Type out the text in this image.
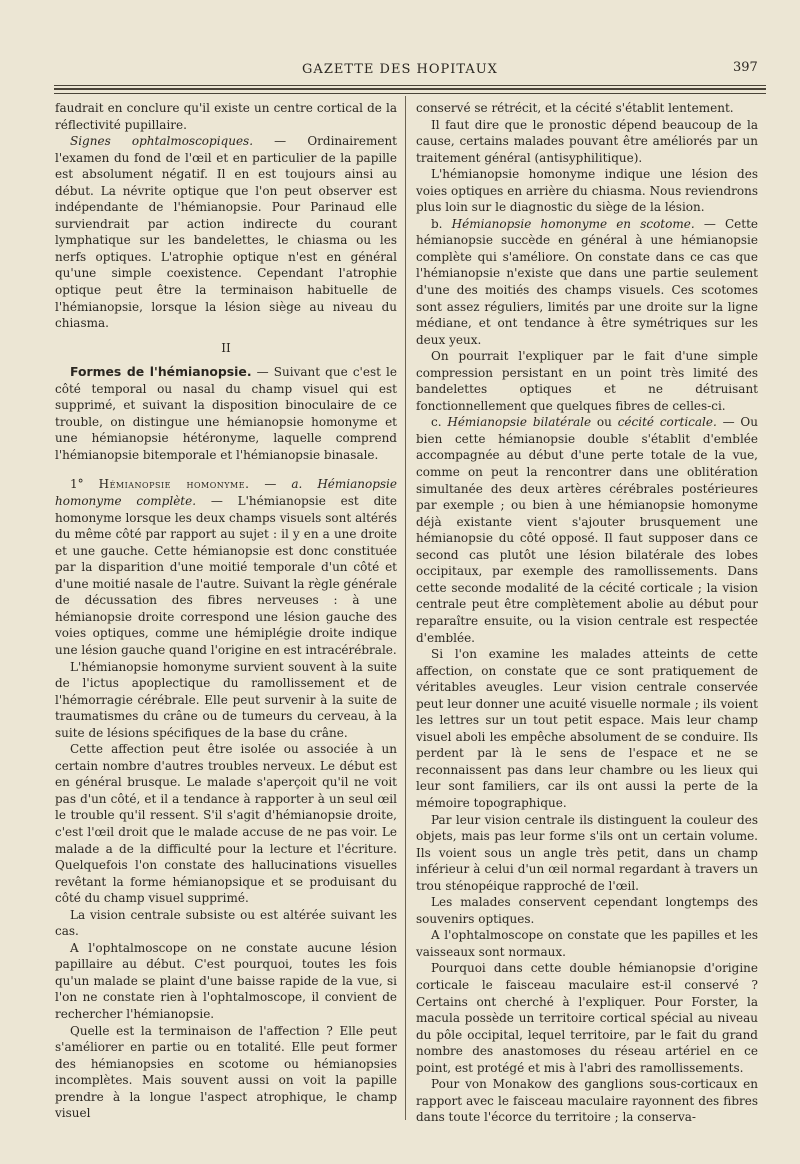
GAZETTE DES HOPITAUX	397

faudrait en conclure qu'il existe un centre cortical de la réflectivité pupillaire.

Signes ophtalmoscopiques. — Ordinairement l'examen du fond de l'œil et en particulier de la papille est absolument négatif. Il en est toujours ainsi au début. La névrite optique que l'on peut observer est indépendante de l'hémianopsie. Pour Parinaud elle surviendrait par action indirecte du courant lymphatique sur les bandelettes, le chiasma ou les nerfs optiques. L'atrophie optique n'est en général qu'une simple coexistence. Cependant l'atrophie optique peut être la terminaison habituelle de l'hémianopsie, lorsque la lésion siège au niveau du chiasma.

II

Formes de l'hémianopsie. — Suivant que c'est le côté temporal ou nasal du champ visuel qui est supprimé, et suivant la disposition binoculaire de ce trouble, on distingue une hémianopsie homonyme et une hémianopsie hétéronyme, laquelle comprend l'hémianopsie bitemporale et l'hémianopsie binasale.

1° Hémianopsie homonyme. — a. Hémianopsie homonyme complète. — L'hémianopsie est dite homonyme lorsque les deux champs visuels sont altérés du même côté par rapport au sujet : il y en a une droite et une gauche. Cette hémianopsie est donc constituée par la disparition d'une moitié temporale d'un côté et d'une moitié nasale de l'autre. Suivant la règle générale de décussation des fibres nerveuses : à une hémianopsie droite correspond une lésion gauche des voies optiques, comme une hémiplégie droite indique une lésion gauche quand l'origine en est intracérébrale.

L'hémianopsie homonyme survient souvent à la suite de l'ictus apoplectique du ramollissement et de l'hémorragie cérébrale. Elle peut survenir à la suite de traumatismes du crâne ou de tumeurs du cerveau, à la suite de lésions spécifiques de la base du crâne.

Cette affection peut être isolée ou associée à un certain nombre d'autres troubles nerveux. Le début est en général brusque. Le malade s'aperçoit qu'il ne voit pas d'un côté, et il a tendance à rapporter à un seul œil le trouble qu'il ressent. S'il s'agit d'hémianopsie droite, c'est l'œil droit que le malade accuse de ne pas voir. Le malade a de la difficulté pour la lecture et l'écriture. Quelquefois l'on constate des hallucinations visuelles revêtant la forme hémianopsique et se produisant du côté du champ visuel supprimé.

La vision centrale subsiste ou est altérée suivant les cas.

A l'ophtalmoscope on ne constate aucune lésion papillaire au début. C'est pourquoi, toutes les fois qu'un malade se plaint d'une baisse rapide de la vue, si l'on ne constate rien à l'ophtalmoscope, il convient de rechercher l'hémianopsie.

Quelle est la terminaison de l'affection ? Elle peut s'améliorer en partie ou en totalité. Elle peut former des hémianopsies en scotome ou hémianopsies incomplètes. Mais souvent aussi on voit la papille prendre à la longue l'aspect atrophique, le champ visuel

conservé se rétrécit, et la cécité s'établit lentement.

Il faut dire que le pronostic dépend beaucoup de la cause, certains malades pouvant être améliorés par un traitement général (antisyphilitique).

L'hémianopsie homonyme indique une lésion des voies optiques en arrière du chiasma. Nous reviendrons plus loin sur le diagnostic du siège de la lésion.

b. Hémianopsie homonyme en scotome. — Cette hémianopsie succède en général à une hémianopsie complète qui s'améliore. On constate dans ce cas que l'hémianopsie n'existe que dans une partie seulement d'une des moitiés des champs visuels. Ces scotomes sont assez réguliers, limités par une droite sur la ligne médiane, et ont tendance à être symétriques sur les deux yeux.

On pourrait l'expliquer par le fait d'une simple compression persistant en un point très limité des bandelettes optiques et ne détruisant fonctionnellement que quelques fibres de celles-ci.

c. Hémianopsie bilatérale ou cécité corticale. — Ou bien cette hémianopsie double s'établit d'emblée accompagnée au début d'une perte totale de la vue, comme on peut la rencontrer dans une oblitération simultanée des deux artères cérébrales postérieures par exemple ; ou bien à une hémianopsie homonyme déjà existante vient s'ajouter brusquement une hémianopsie du côté opposé. Il faut supposer dans ce second cas plutôt une lésion bilatérale des lobes occipitaux, par exemple des ramollissements. Dans cette seconde modalité de la cécité corticale ; la vision centrale peut être complètement abolie au début pour reparaître ensuite, ou la vision centrale est respectée d'emblée.

Si l'on examine les malades atteints de cette affection, on constate que ce sont pratiquement de véritables aveugles. Leur vision centrale conservée peut leur donner une acuité visuelle normale ; ils voient les lettres sur un tout petit espace. Mais leur champ visuel aboli les empêche absolument de se conduire. Ils perdent par là le sens de l'espace et ne se reconnaissent pas dans leur chambre ou les lieux qui leur sont familiers, car ils ont aussi la perte de la mémoire topographique.

Par leur vision centrale ils distinguent la couleur des objets, mais pas leur forme s'ils ont un certain volume. Ils voient sous un angle très petit, dans un champ inférieur à celui d'un œil normal regardant à travers un trou sténopéique rapproché de l'œil.

Les malades conservent cependant longtemps des souvenirs optiques.

A l'ophtalmoscope on constate que les papilles et les vaisseaux sont normaux.

Pourquoi dans cette double hémianopsie d'origine corticale le faisceau maculaire est-il conservé ? Certains ont cherché à l'expliquer. Pour Forster, la macula possède un territoire cortical spécial au niveau du pôle occipital, lequel territoire, par le fait du grand nombre des anastomoses du réseau artériel en ce point, est protégé et mis à l'abri des ramollissements.

Pour von Monakow des ganglions sous-corticaux en rapport avec le faisceau maculaire rayonnent des fibres dans toute l'écorce du territoire ; la conserva-
